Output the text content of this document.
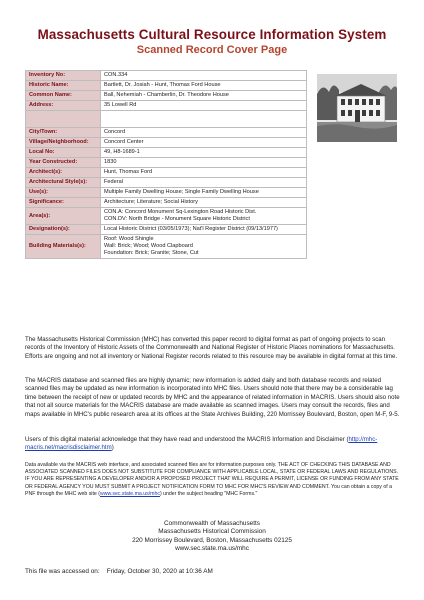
Massachusetts Cultural Resource Information System
Scanned Record Cover Page
Inventory No:	CON.334
Historic Name:	Bartlett, Dr. Josiah - Hunt, Thomas Ford House
Common Name:	Ball, Nehemiah - Chamberlin, Dr. Theodore House
Address:	35 Lowell Rd

City/Town:	Concord
Village/Neighborhood:	Concord Center
Local No:	49, H8-1689-1
Year Constructed:	1830
Architect(s):	Hunt, Thomas Ford
Architectural Style(s):	Federal
Use(s):	Multiple Family Dwelling House; Single Family Dwelling House
Significance:	Architecture; Literature; Social History
Area(s):	CON.A: Concord Monument Sq-Lexington Road Historic Dist.
CON.DV: North Bridge - Monument Square Historic District
Designation(s):	Local Historic District (03/05/1973); Nat'l Register District (09/13/1977)
Building Materials(s):	Roof: Wood Shingle
Wall: Brick; Wood; Wood Clapboard
Foundation: Brick; Granite; Stone, Cut
The Massachusetts Historical Commission (MHC) has converted this paper record to digital format as part of ongoing projects to scan records of the Inventory of Historic Assets of the Commonwealth and National Register of Historic Places nominations for Massachusetts. Efforts are ongoing and not all inventory or National Register records related to this resource may be available in digital format at this time.
The MACRIS database and scanned files are highly dynamic; new information is added daily and both database records and related scanned files may be updated as new information is incorporated into MHC files. Users should note that there may be a considerable lag time between the receipt of new or updated records by MHC and the appearance of related information in MACRIS. Users should also note that not all source materials for the MACRIS database are made available as scanned images. Users may consult the records, files and maps available in MHC's public research area at its offices at the State Archives Building, 220 Morrissey Boulevard, Boston, open M-F, 9-5.
Users of this digital material acknowledge that they have read and understood the MACRIS Information and Disclaimer (http://mhc-macris.net/macrisdisclaimer.htm)
Data available via the MACRIS web interface, and associated scanned files are for information purposes only. THE ACT OF CHECKING THIS DATABASE AND ASSOCIATED SCANNED FILES DOES NOT SUBSTITUTE FOR COMPLIANCE WITH APPLICABLE LOCAL, STATE OR FEDERAL LAWS AND REGULATIONS. IF YOU ARE REPRESENTING A DEVELOPER AND/OR A PROPOSED PROJECT THAT WILL REQUIRE A PERMIT, LICENSE OR FUNDING FROM ANY STATE OR FEDERAL AGENCY YOU MUST SUBMIT A PROJECT NOTIFICATION FORM TO MHC FOR MHC'S REVIEW AND COMMENT. You can obtain a copy of a PNF through the MHC web site (www.sec.state.ma.us/mhc) under the subject heading "MHC Forms."
Commonwealth of Massachusetts
Massachusetts Historical Commission
220 Morrissey Boulevard, Boston, Massachusetts 02125
www.sec.state.ma.us/mhc
This file was accessed on: Friday, October 30, 2020 at 10:36 AM
